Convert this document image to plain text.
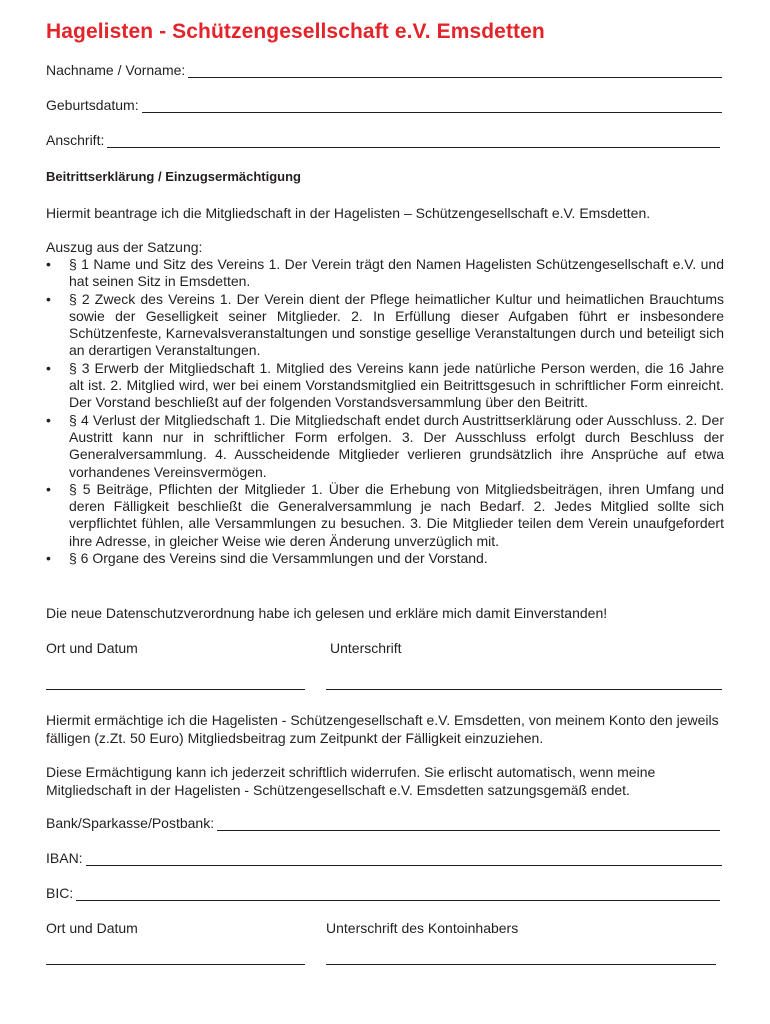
Hagelisten - Schützengesellschaft e.V. Emsdetten
Nachname / Vorname:
Geburtsdatum:
Anschrift:
Beitrittserklärung / Einzugsermächtigung

Hiermit beantrage ich die Mitgliedschaft in der Hagelisten – Schützengesellschaft e.V. Emsdetten.

Auszug aus der Satzung:
• § 1 Name und Sitz des Vereins 1. Der Verein trägt den Namen Hagelisten Schützengesellschaft e.V. und hat seinen Sitz in Emsdetten.
• § 2 Zweck des Vereins 1. Der Verein dient der Pflege heimatlicher Kultur und heimatlichen Brauchtums sowie der Geselligkeit seiner Mitglieder. 2. In Erfüllung dieser Aufgaben führt er insbesondere Schützenfeste, Karnevalsveranstaltungen und sonstige gesellige Veranstaltungen durch und beteiligt sich an derartigen Veranstaltungen.
• § 3 Erwerb der Mitgliedschaft 1. Mitglied des Vereins kann jede natürliche Person werden, die 16 Jahre alt ist. 2. Mitglied wird, wer bei einem Vorstandsmitglied ein Beitrittsgesuch in schriftlicher Form einreicht. Der Vorstand beschließt auf der folgenden Vorstandsversammlung über den Beitritt.
• § 4 Verlust der Mitgliedschaft 1. Die Mitgliedschaft endet durch Austrittserklärung oder Ausschluss. 2. Der Austritt kann nur in schriftlicher Form erfolgen. 3. Der Ausschluss erfolgt durch Beschluss der Generalversammlung. 4. Ausscheidende Mitglieder verlieren grundsätzlich ihre Ansprüche auf etwa vorhandenes Vereinsvermögen.
• § 5 Beiträge, Pflichten der Mitglieder 1. Über die Erhebung von Mitgliedsbeiträgen, ihren Umfang und deren Fälligkeit beschließt die Generalversammlung je nach Bedarf. 2. Jedes Mitglied sollte sich verpflichtet fühlen, alle Versammlungen zu besuchen. 3. Die Mitglieder teilen dem Verein unaufgefordert ihre Adresse, in gleicher Weise wie deren Änderung unverzüglich mit.
• § 6 Organe des Vereins sind die Versammlungen und der Vorstand.

Die neue Datenschutzverordnung habe ich gelesen und erkläre mich damit Einverstanden!

Ort und Datum	Unterschrift

Hiermit ermächtige ich die Hagelisten - Schützengesellschaft e.V. Emsdetten, von meinem Konto den jeweils fälligen (z.Zt. 50 Euro) Mitgliedsbeitrag zum Zeitpunkt der Fälligkeit einzuziehen.

Diese Ermächtigung kann ich jederzeit schriftlich widerrufen. Sie erlischt automatisch, wenn meine Mitgliedschaft in der Hagelisten - Schützengesellschaft e.V. Emsdetten satzungsgemäß endet.

Bank/Sparkasse/Postbank:
IBAN:
BIC:
Ort und Datum	Unterschrift des Kontoinhabers
